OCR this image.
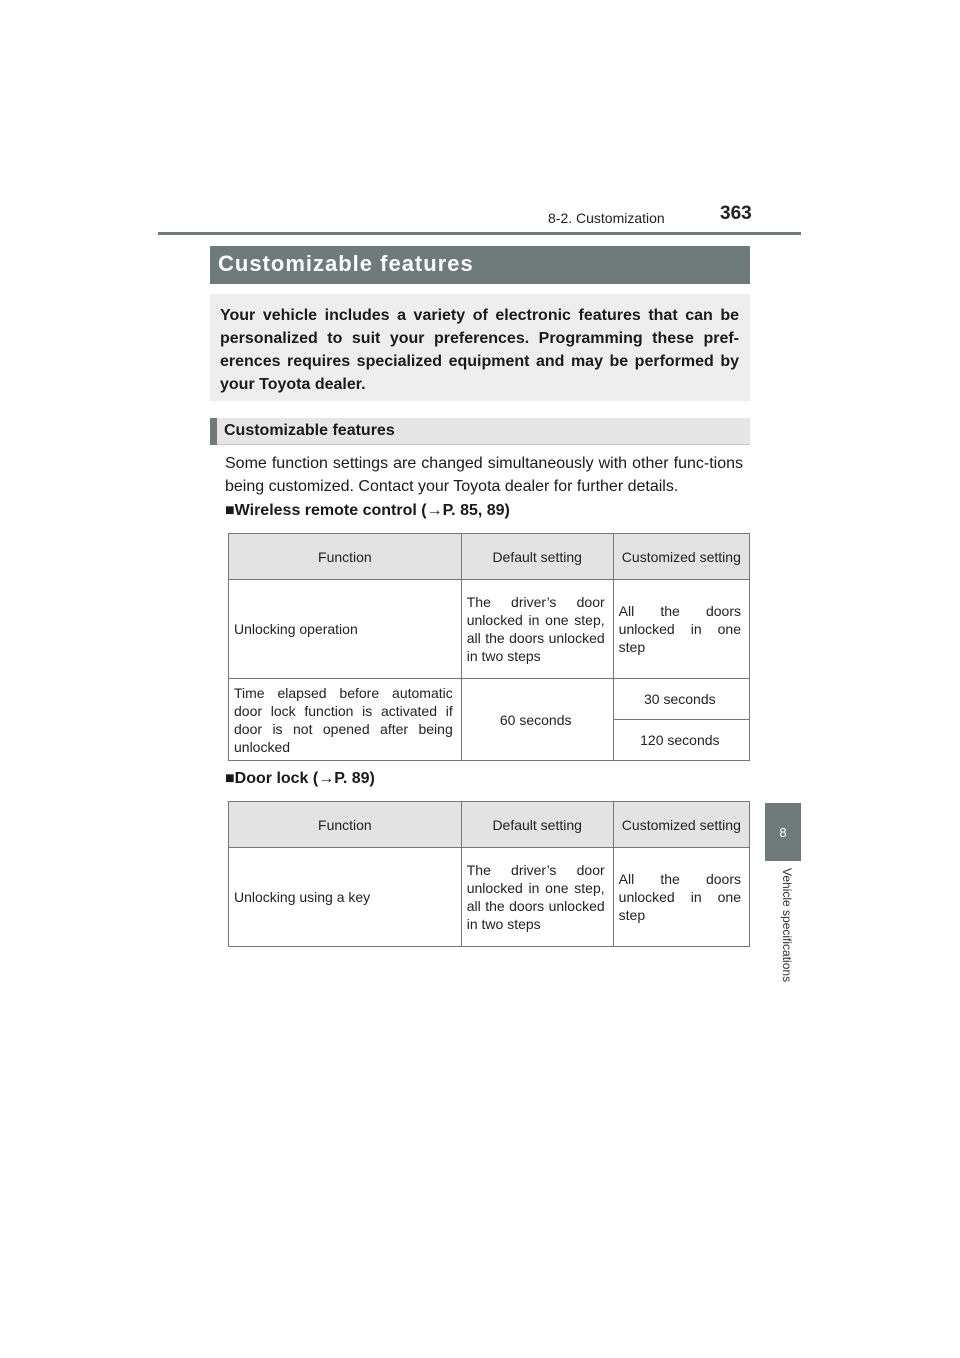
363
8-2. Customization
8
Vehicle specifications
Customizable features

Your vehicle includes a variety of electronic features that can be personalized to suit your preferences. Programming these pref-erences requires specialized equipment and may be performed by your Toyota dealer.

Customizable features

Some function settings are changed simultaneously with other func-tions being customized. Contact your Toyota dealer for further details.

■Wireless remote control (→P. 85, 89)
Function	Default setting	Customized setting
Unlocking operation	The driver’s door unlocked in one step, all the doors unlocked in two steps	All the doors unlocked in one step
Time elapsed before automatic door lock function is activated if door is not opened after being unlocked	60 seconds	30 seconds
		120 seconds
■Door lock (→P. 89)
Function	Default setting	Customized setting
Unlocking using a key	The driver’s door unlocked in one step, all the doors unlocked in two steps	All the doors unlocked in one step
